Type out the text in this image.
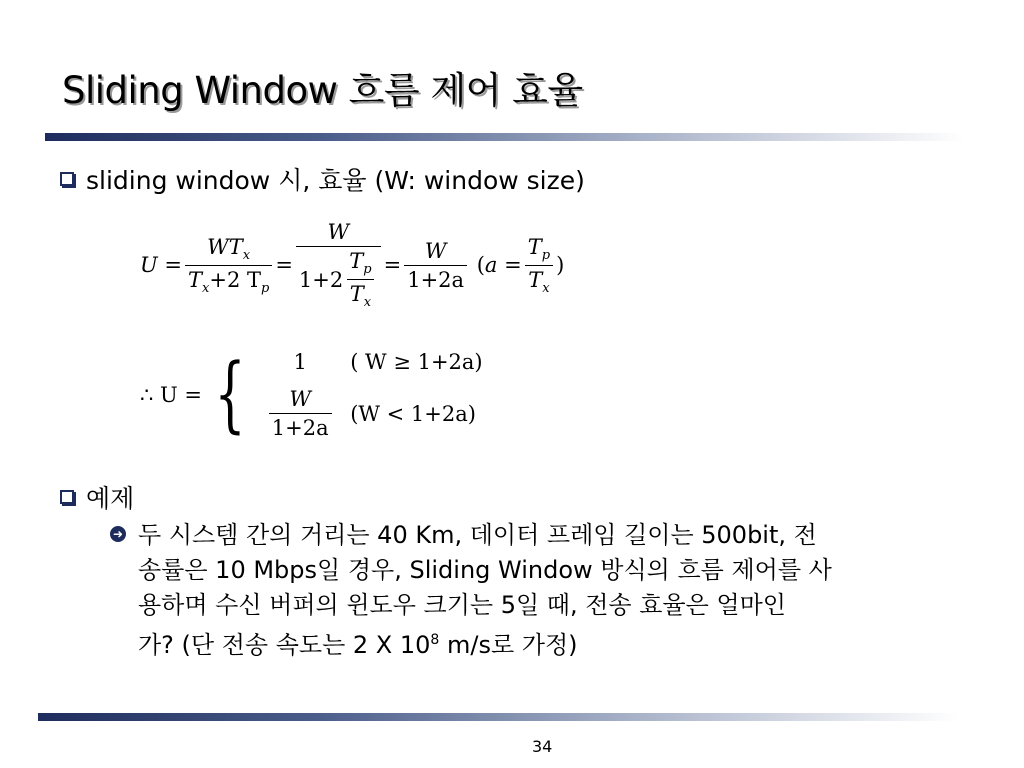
Sliding Window 흐름 제어 효율
sliding window 시, 효율 (W: window size)
$U = \frac{WT_x}{T_x+2 T_p} = \frac{W}{1+2 \frac{T_p}{T_x}} = \frac{W}{1+2a}$ ( $a = \frac{T_p}{T_x}$ )
∴ U = {	1	( W ≥ 1+2a)
$\frac{W}{1+2a} (W < 1+2a)$
예제
➜ 두 시스템 간의 거리는 40 Km, 데이터 프레임 길이는 500bit, 전

송률은 10 Mbps일 경우, Sliding Window 방식의 흐름 제어를 사

용하며 수신 버퍼의 윈도우 크기는 5일 때, 전송 효율은 얼마인

가? (단 전송 속도는 2 X $10^8$ m/s로 가정)

34
